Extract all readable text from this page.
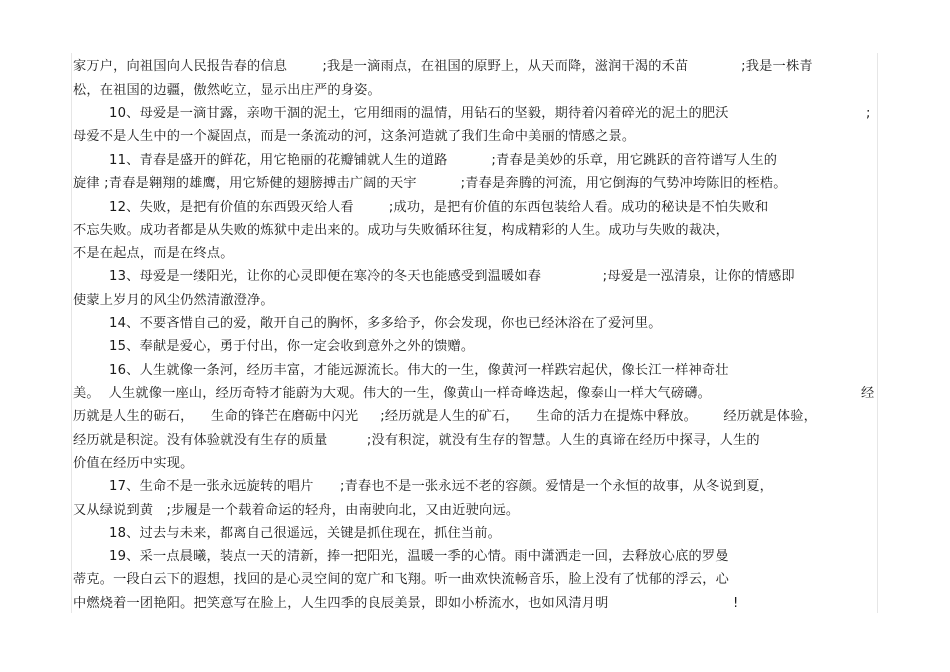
家万户，向祖国向人民报告春的信息        ;我是一滴雨点，在祖国的原野上，从天而降，滋润干渴的禾苗            ;我是一株青
松，在祖国的边疆，傲然屹立，显示出庄严的身姿。
10、母爱是一滴甘露，亲吻干涸的泥土，它用细雨的温情，用钻石的坚毅，期待着闪着碎光的泥土的肥沃	;
母爱不是人生中的一个凝固点，而是一条流动的河，这条河造就了我们生命中美丽的情感之景。
11、青春是盛开的鲜花，用它艳丽的花瓣铺就人生的道路          ;青春是美妙的乐章，用它跳跃的音符谱写人生的
旋律 ;青春是翱翔的雄鹰，用它矫健的翅膀搏击广阔的天宇          ;青春是奔腾的河流，用它倒海的气势冲垮陈旧的桎梏。
12、失败，是把有价值的东西毁灭给人看        ;成功，是把有价值的东西包装给人看。成功的秘诀是不怕失败和
不忘失败。成功者都是从失败的炼狱中走出来的。成功与失败循环往复，构成精彩的人生。成功与失败的裁决，
不是在起点，而是在终点。
13、母爱是一缕阳光，让你的心灵即便在寒冷的冬天也能感受到温暖如春              ;母爱是一泓清泉，让你的情感即
使蒙上岁月的风尘仍然清澈澄净。
14、不要吝惜自己的爱，敞开自己的胸怀，多多给予，你会发现，你也已经沐浴在了爱河里。
15、奉献是爱心，勇于付出，你一定会收到意外之外的馈赠。
16、人生就像一条河，经历丰富，才能远源流长。伟大的一生，像黄河一样跌宕起伏，像长江一样神奇壮
美。  人生就像一座山，经历奇特才能蔚为大观。伟大的一生，像黄山一样奇峰迭起，像泰山一样大气磅礴。	经
历就是人生的砺石，    生命的锋芒在磨砺中闪光     ;经历就是人生的矿石，    生命的活力在提炼中释放。      经历就是体验，
经历就是积淀。没有体验就没有生存的质量         ;没有积淀，就没有生存的智慧。人生的真谛在经历中探寻，人生的
价值在经历中实现。
17、生命不是一张永远旋转的唱片      ;青春也不是一张永远不老的容颜。爱情是一个永恒的故事，从冬说到夏，
又从绿说到黄   ;步履是一个载着命运的轻舟，由南驶向北，又由近驶向远。
18、过去与未来，都离自己很遥远，关键是抓住现在，抓住当前。
19、采一点晨曦，装点一天的清新，捧一把阳光，温暖一季的心情。雨中潇洒走一回，去释放心底的罗曼
蒂克。一段白云下的遐想，找回的是心灵空间的宽广和飞翔。听一曲欢快流畅音乐，脸上没有了忧郁的浮云，心
中燃烧着一团艳阳。把笑意写在脸上，人生四季的良辰美景，即如小桥流水，也如风清月明	!
